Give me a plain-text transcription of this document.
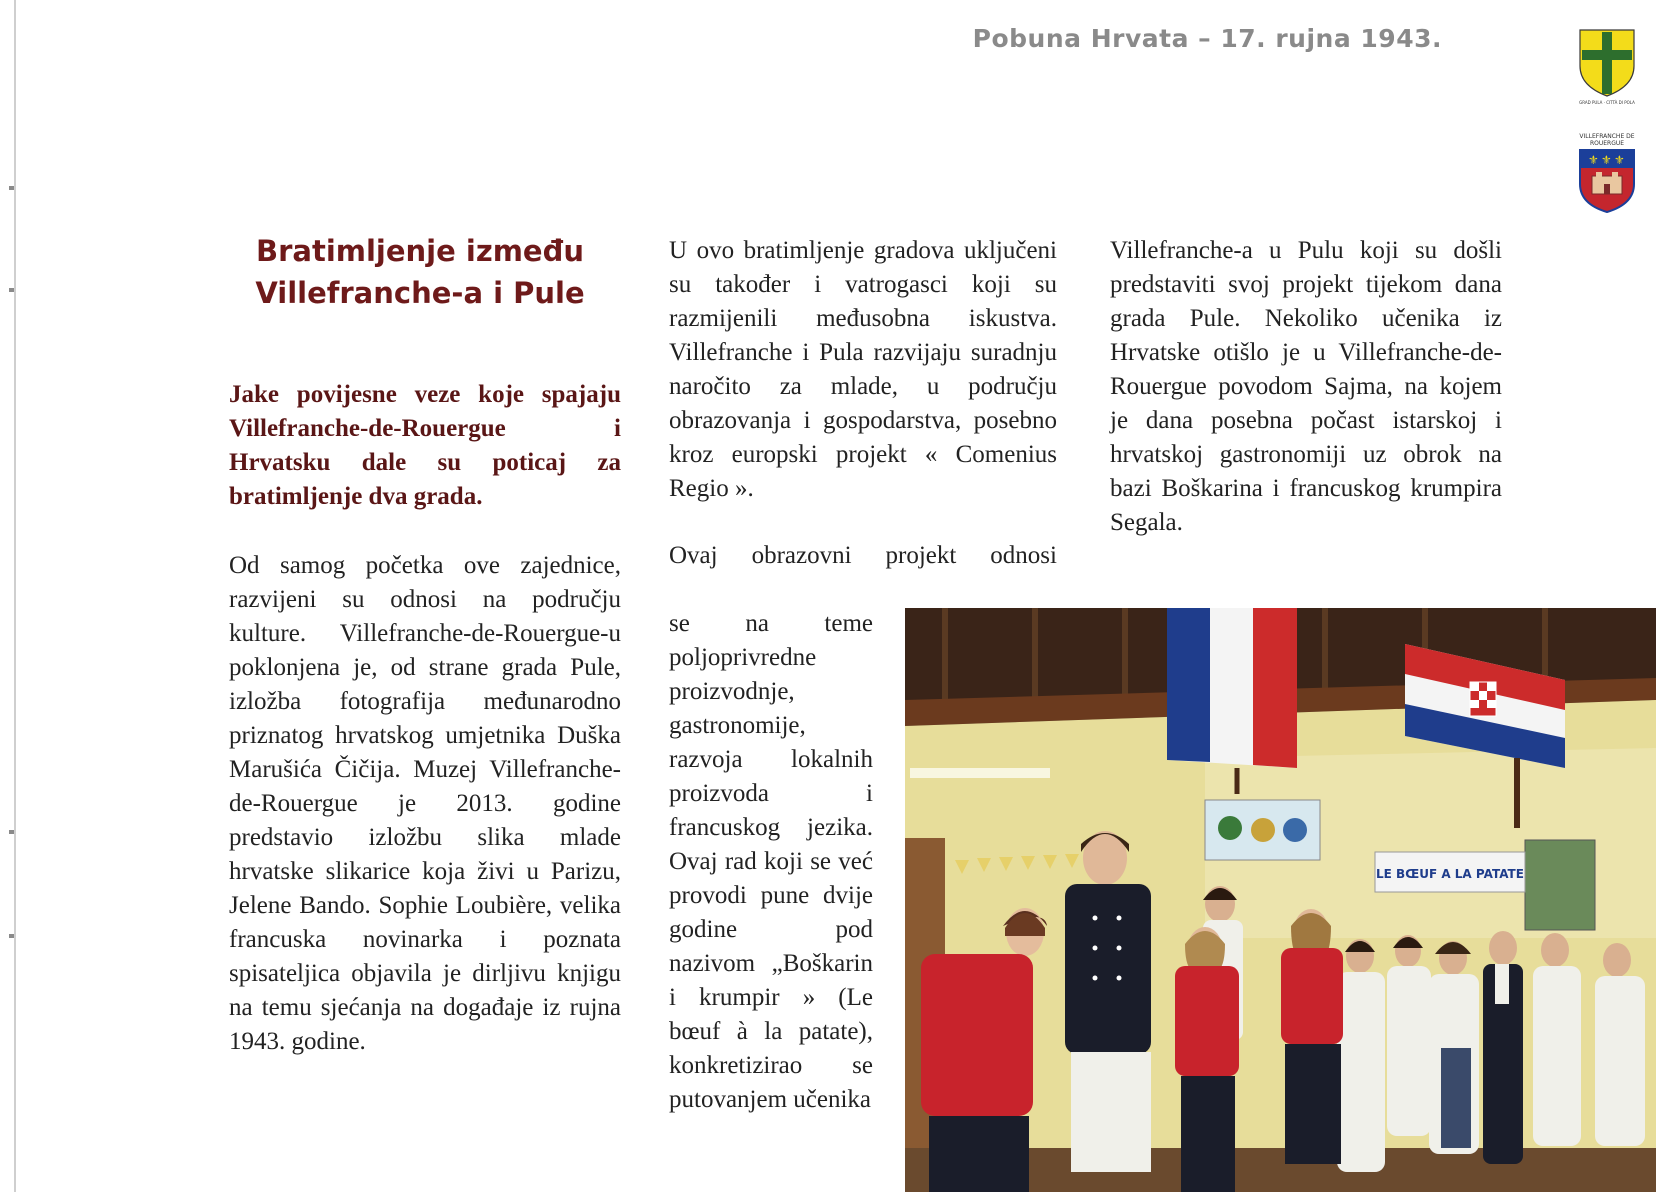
Pobuna Hrvata – 17. rujna 1943.
GRAD PULA · CITTÀ DI POLA
VILLEFRANCHE DE ROUERGUE
⚜ ⚜ ⚜
Bratimljenje između
Villefranche-a i Pule

Jake povijesne veze koje spajaju Villefranche-de-Rouergue i Hrvatsku dale su poticaj za bratimljenje dva grada.

Od samog početka ove zajednice, razvijeni su odnosi na području kulture. Villefranche-de-Rouergue-u poklonjena je, od strane grada Pule, izložba fotografija međunarodno priznatog hrvatskog umjetnika Duška Marušića Čičija. Muzej Villefranche-de-Rouergue je 2013. godine predstavio izložbu slika mlade hrvatske slikarice koja živi u Parizu, Jelene Bando. Sophie Loubière, velika francuska novinarka i poznata spisateljica objavila je dirljivu knjigu na temu sjećanja na događaje iz rujna 1943. godine.

U ovo bratimljenje gradova uključeni su također i vatrogasci koji su razmijenili međusobna iskustva. Villefranche i Pula razvijaju suradnju naročito za mlade, u području obrazovanja i gospodarstva, posebno kroz europski projekt « Comenius Regio ».

Ovaj obrazovni projekt odnosi

se na teme poljoprivredne proizvodnje, gastronomije, razvoja lokalnih proizvoda i francuskog jezika. Ovaj rad koji se već provodi pune dvije godine pod nazivom „Boškarin i krumpir » (Le bœuf à la patate), konkretizirao se putovanjem učenika

Villefranche-a u Pulu koji su došli predstaviti svoj projekt tijekom dana grada Pule. Nekoliko učenika iz Hrvatske otišlo je u Villefranche-de-Rouergue povodom Sajma, na kojem je dana posebna počast istarskoj i hrvatskoj gastronomiji uz obrok na bazi Boškarina i francuskog krumpira Segala.

LE BŒUF A LA PATATE
